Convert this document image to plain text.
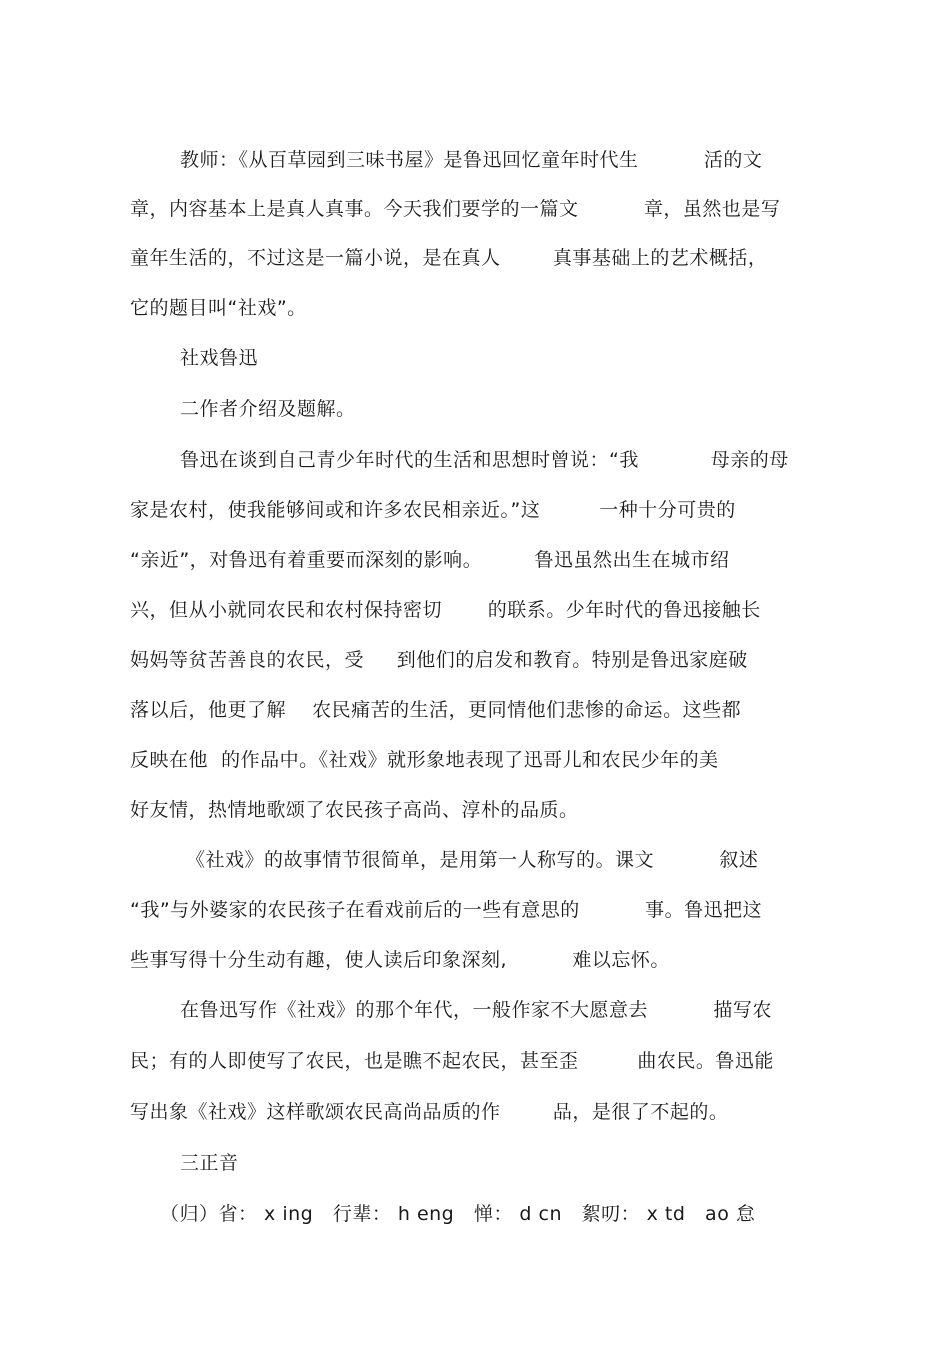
教师：《从百草园到三味书屋》是鲁迅回忆童年时代生          活的文
章，内容基本上是真人真事。今天我们要学的一篇文          章，虽然也是写
童年生活的，不过这是一篇小说，是在真人        真事基础上的艺术概括，
它的题目叫“社戏”。
社戏鲁迅
二作者介绍及题解。
鲁迅在谈到自己青少年时代的生活和思想时曾说：“我           母亲的母
家是农村，使我能够间或和许多农民相亲近。”这         一种十分可贵的
“亲近”，对鲁迅有着重要而深刻的影响。        鲁迅虽然出生在城市绍
兴，但从小就同农民和农村保持密切       的联系。少年时代的鲁迅接触长
妈妈等贫苦善良的农民，受     到他们的启发和教育。特别是鲁迅家庭破
落以后，他更了解    农民痛苦的生活，更同情他们悲惨的命运。这些都
反映在他  的作品中。《社戏》就形象地表现了迅哥儿和农民少年的美
好友情，热情地歌颂了农民孩子高尚、淳朴的品质。
《社戏》的故事情节很简单，是用第一人称写的。课文          叙述
“我”与外婆家的农民孩子在看戏前后的一些有意思的          事。鲁迅把这
些事写得十分生动有趣，使人读后印象深刻,          难以忘怀。
在鲁迅写作《社戏》的那个年代，一般作家不大愿意去          描写农
民；有的人即使写了农民，也是瞧不起农民，甚至歪         曲农民。鲁迅能
写出象《社戏》这样歌颂农民高尚品质的作        品，是很了不起的。
三正音
（归）省： x ing   行辈： h eng   惮： d cn   絮叨： x td   ao 怠
